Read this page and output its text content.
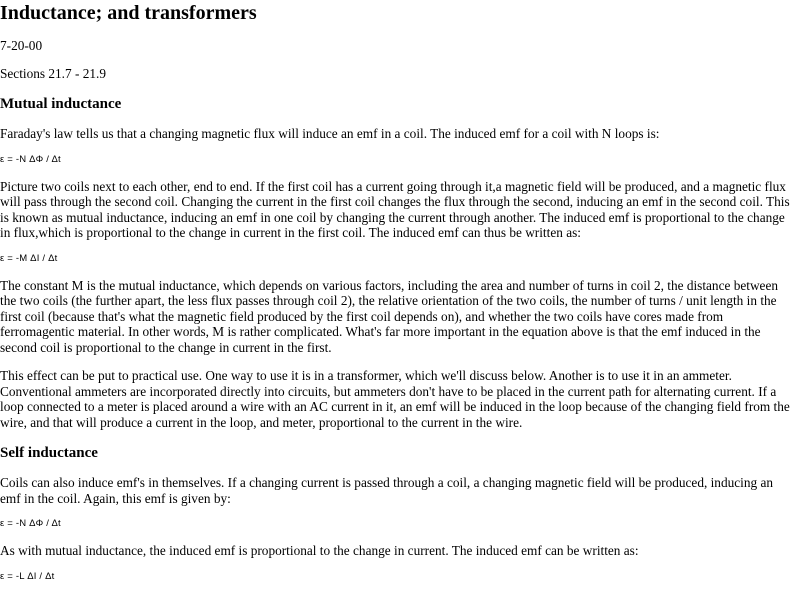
Inductance; and transformers
7-20-00
Sections 21.7 - 21.9
Mutual inductance

Faraday's law tells us that a changing magnetic flux will induce an emf in a coil. The induced emf for a coil with N loops is:

ε = -N ΔΦ / Δt

Picture two coils next to each other, end to end. If the first coil has a current going through it,a magnetic field will be produced, and a magnetic flux will pass through the second coil. Changing the current in the first coil changes the flux through the second, inducing an emf in the second coil. This is known as mutual inductance, inducing an emf in one coil by changing the current through another. The induced emf is proportional to the change in flux,which is proportional to the change in current in the first coil. The induced emf can thus be written as:

ε = -M ΔI / Δt

The constant M is the mutual inductance, which depends on various factors, including the area and number of turns in coil 2, the distance between the two coils (the further apart, the less flux passes through coil 2), the relative orientation of the two coils, the number of turns / unit length in the first coil (because that's what the magnetic field produced by the first coil depends on), and whether the two coils have cores made from ferromagentic material. In other words, M is rather complicated. What's far more important in the equation above is that the emf induced in the second coil is proportional to the change in current in the first.

This effect can be put to practical use. One way to use it is in a transformer, which we'll discuss below. Another is to use it in an ammeter. Conventional ammeters are incorporated directly into circuits, but ammeters don't have to be placed in the current path for alternating current. If a loop connected to a meter is placed around a wire with an AC current in it, an emf will be induced in the loop because of the changing field from the wire, and that will produce a current in the loop, and meter, proportional to the current in the wire.

Self inductance

Coils can also induce emf's in themselves. If a changing current is passed through a coil, a changing magnetic field will be produced, inducing an emf in the coil. Again, this emf is given by:

ε = -N ΔΦ / Δt

As with mutual inductance, the induced emf is proportional to the change in current. The induced emf can be written as:

ε = -L ΔI / Δt
